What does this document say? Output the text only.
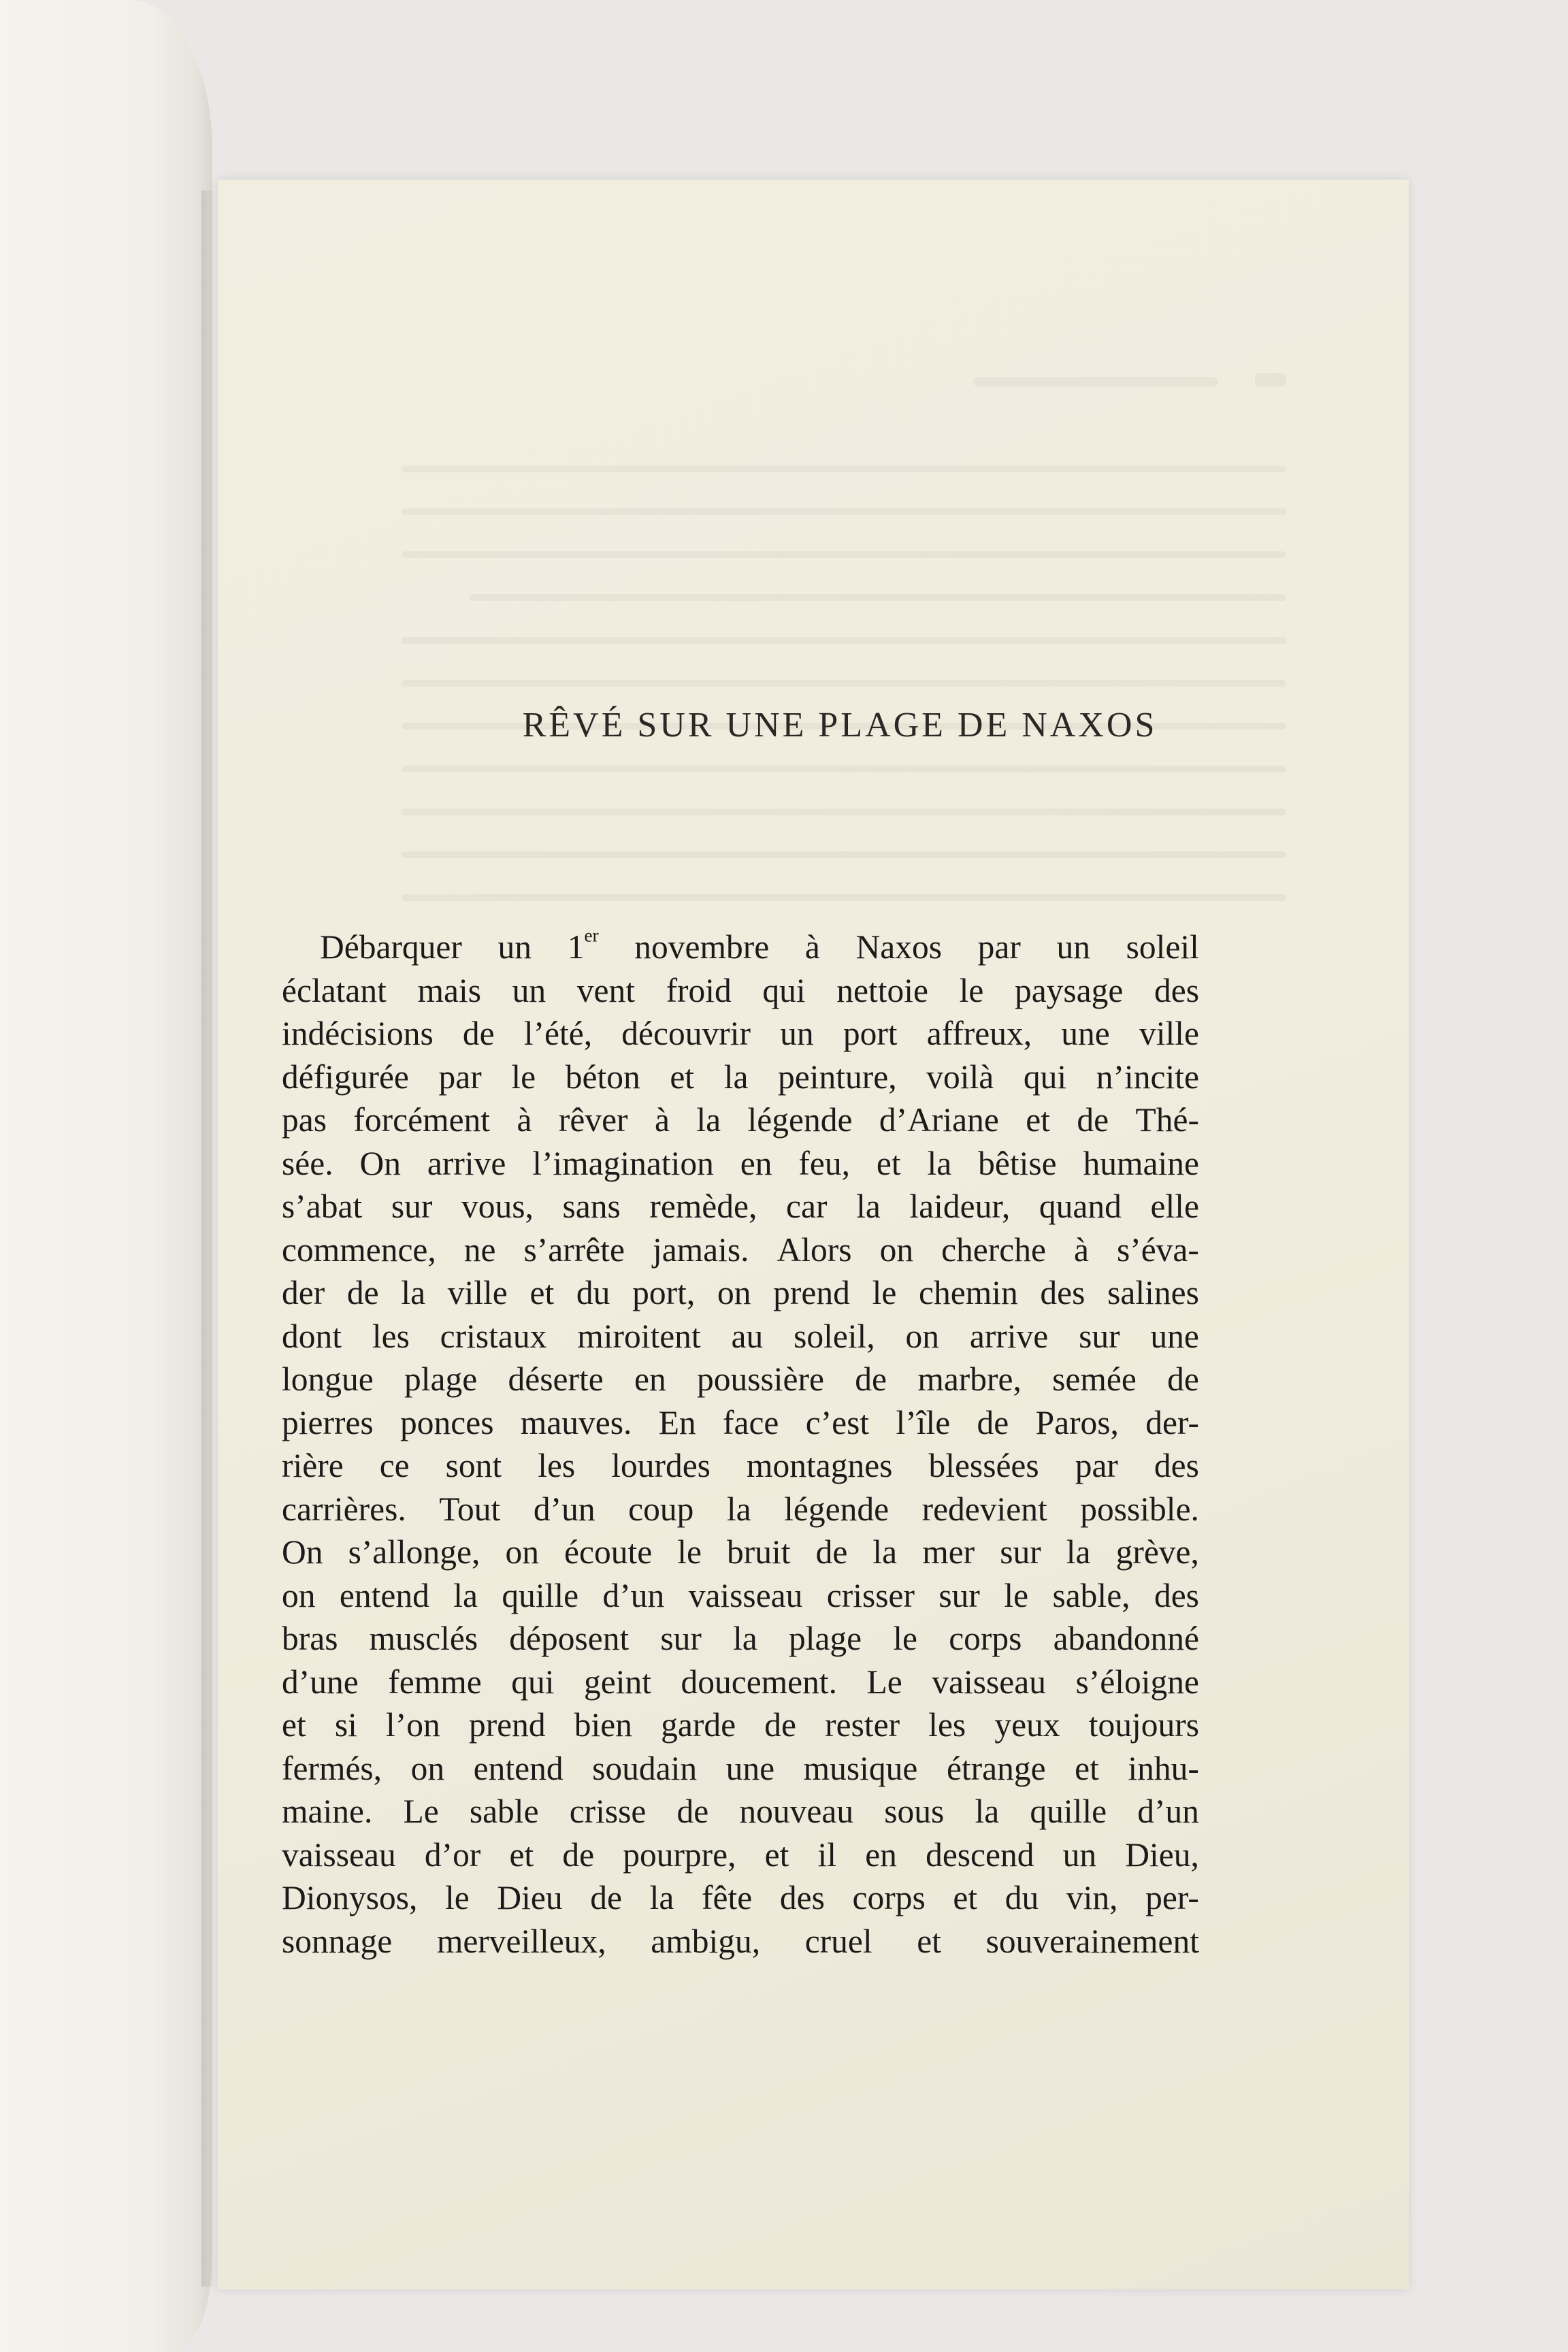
RÊVÉ SUR UNE PLAGE DE NAXOS
Débarquer un 1er novembre à Naxos par un soleil
éclatant mais un vent froid qui nettoie le paysage des
indécisions de l’été, découvrir un port affreux, une ville
défigurée par le béton et la peinture, voilà qui n’incite
pas forcément à rêver à la légende d’Ariane et de Thé-
sée. On arrive l’imagination en feu, et la bêtise humaine
s’abat sur vous, sans remède, car la laideur, quand elle
commence, ne s’arrête jamais. Alors on cherche à s’éva-
der de la ville et du port, on prend le chemin des salines
dont les cristaux miroitent au soleil, on arrive sur une
longue plage déserte en poussière de marbre, semée de
pierres ponces mauves. En face c’est l’île de Paros, der-
rière ce sont les lourdes montagnes blessées par des
carrières. Tout d’un coup la légende redevient possible.
On s’allonge, on écoute le bruit de la mer sur la grève,
on entend la quille d’un vaisseau crisser sur le sable, des
bras musclés déposent sur la plage le corps abandonné
d’une femme qui geint doucement. Le vaisseau s’éloigne
et si l’on prend bien garde de rester les yeux toujours
fermés, on entend soudain une musique étrange et inhu-
maine. Le sable crisse de nouveau sous la quille d’un
vaisseau d’or et de pourpre, et il en descend un Dieu,
Dionysos, le Dieu de la fête des corps et du vin, per-
sonnage merveilleux, ambigu, cruel et souverainement
